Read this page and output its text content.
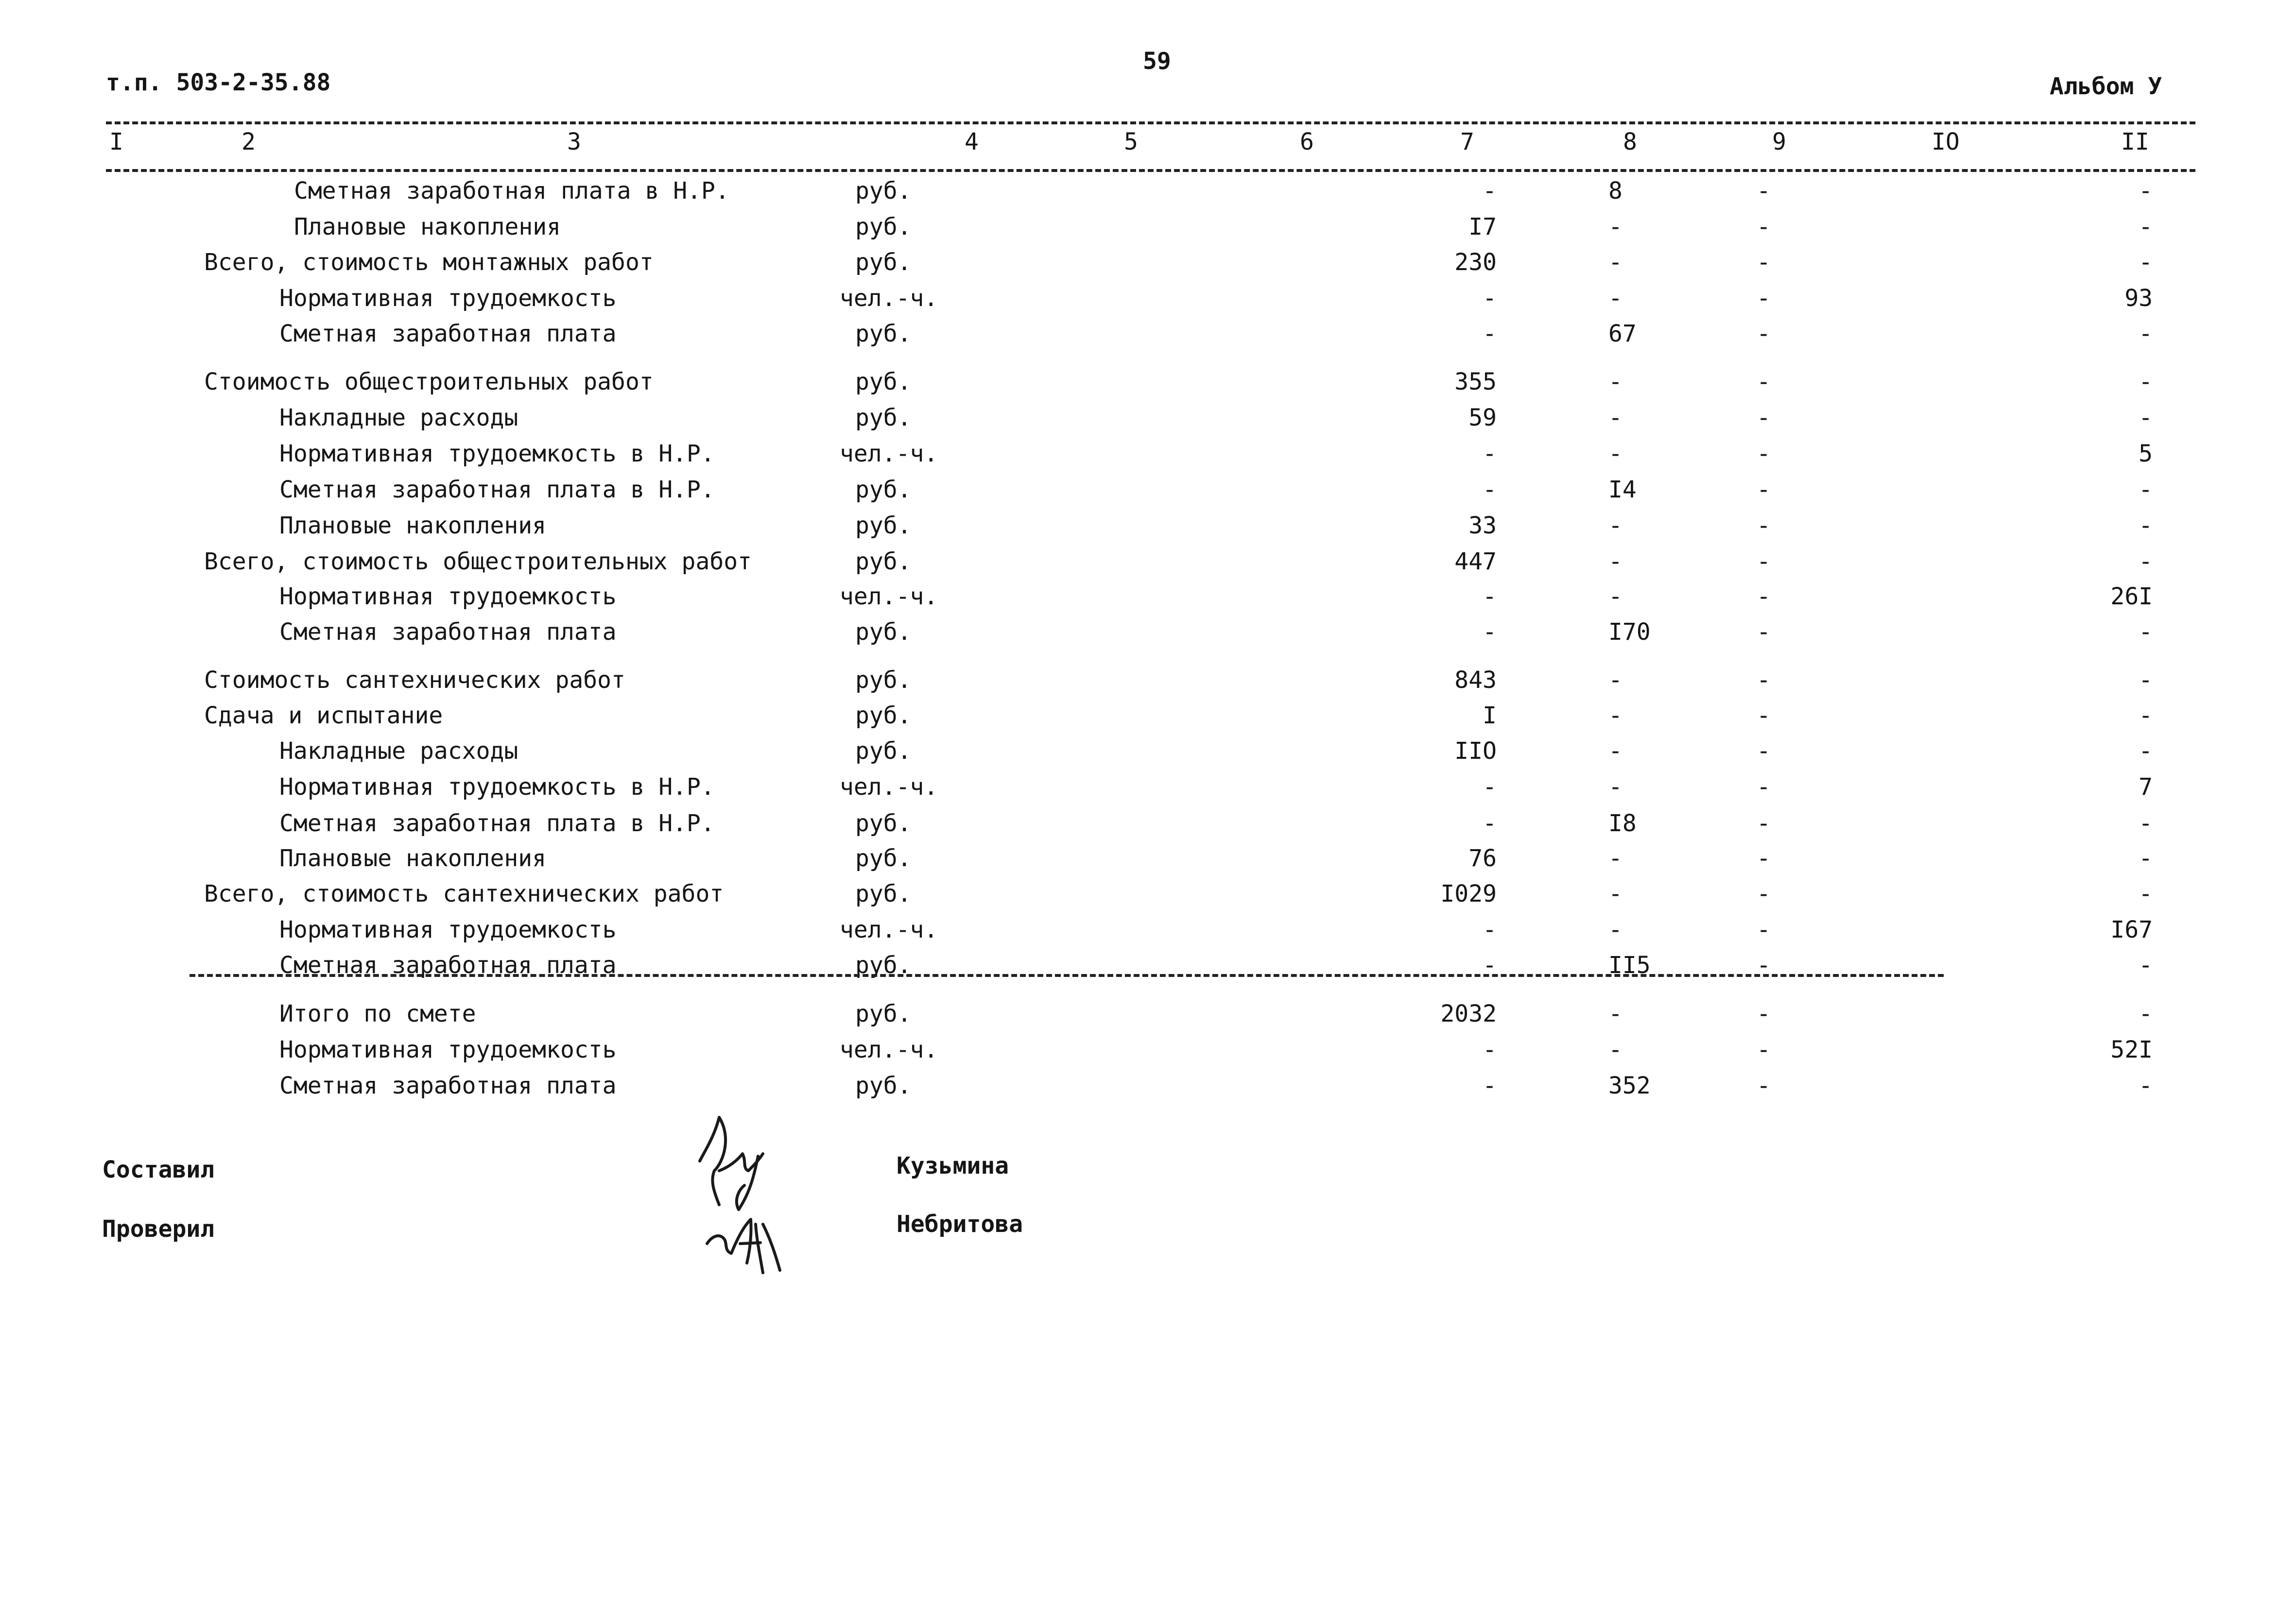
т.п. 503-2-35.88
59
Альбом У
I	2	3	4	5	6	7	8	9	IO	II
Сметная заработная плата в Н.Р.	руб.	-	8	-	-
Плановые накопления	руб.	I7	-	-	-
Всего, стоимость монтажных работ	руб.	230	-	-	-
Нормативная трудоемкость	чел.-ч.	-	-	-	93
Сметная заработная плата	руб.	-	67	-	-
Стоимость общестроительных работ	руб.	355	-	-	-
Накладные расходы	руб.	59	-	-	-
Нормативная трудоемкость в Н.Р.	чел.-ч.	-	-	-	5
Сметная заработная плата в Н.Р.	руб.	-	I4	-	-
Плановые накопления	руб.	33	-	-	-
Всего, стоимость общестроительных работ	руб.	447	-	-	-
Нормативная трудоемкость	чел.-ч.	-	-	-	26I
Сметная заработная плата	руб.	-	I70	-	-
Стоимость сантехнических работ	руб.	843	-	-	-
Сдача и испытание	руб.	I	-	-	-
Накладные расходы	руб.	IIO	-	-	-
Нормативная трудоемкость в Н.Р.	чел.-ч.	-	-	-	7
Сметная заработная плата в Н.Р.	руб.	-	I8	-	-
Плановые накопления	руб.	76	-	-	-
Всего, стоимость сантехнических работ	руб.	I029	-	-	-
Нормативная трудоемкость	чел.-ч.	-	-	-	I67
Сметная заработная плата	руб.	-	II5	-	-
Итого по смете	руб.	2032	-	-	-
Нормативная трудоемкость	чел.-ч.	-	-	-	52I
Сметная заработная плата	руб.	-	352	-	-
Составил	Кузьмина
Проверил	Небритова
